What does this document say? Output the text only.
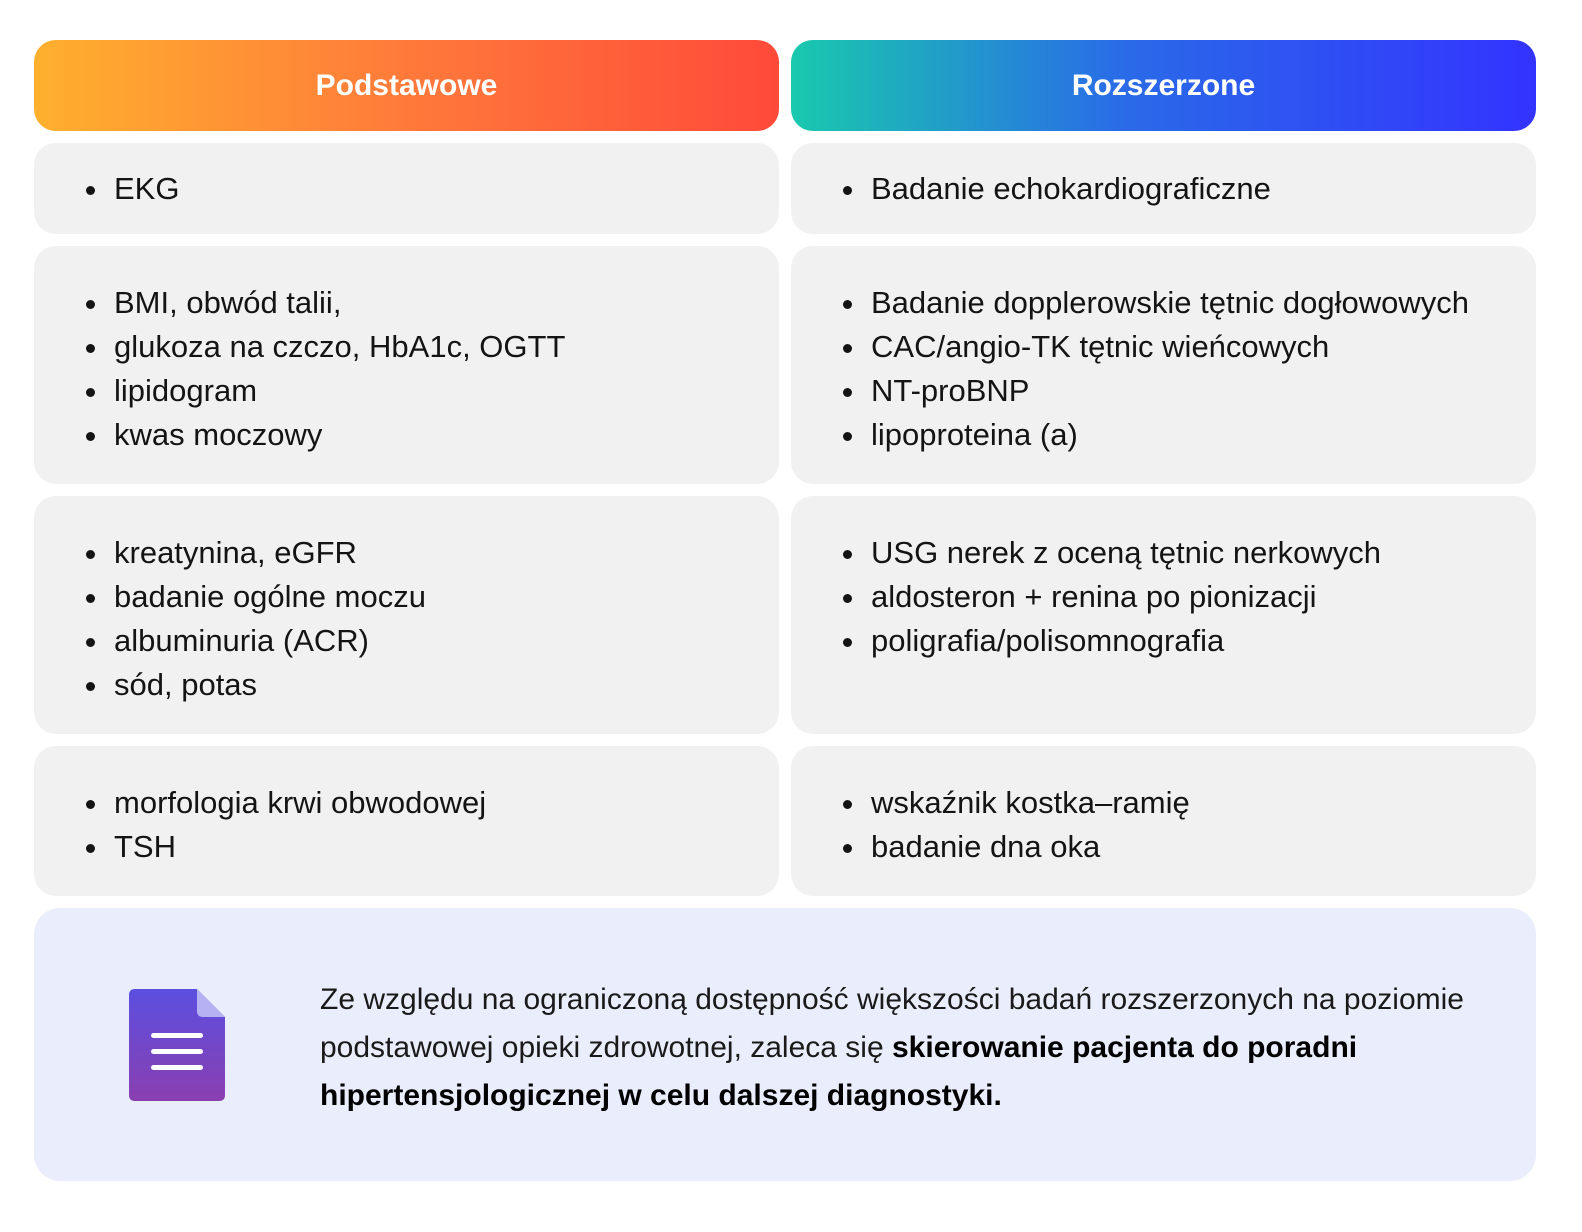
Podstawowe	Rozszerzone
EKG	Badanie echokardiograficzne
BMI, obwód talii,
glukoza na czczo, HbA1c, OGTT
lipidogram
kwas moczowy
Badanie dopplerowskie tętnic dogłowowych
CAC/angio-TK tętnic wieńcowych
NT-proBNP
lipoproteina (a)
kreatynina, eGFR
badanie ogólne moczu
albuminuria (ACR)
sód, potas
USG nerek z oceną tętnic nerkowych
aldosteron + renina po pionizacji
poligrafia/polisomnografia
morfologia krwi obwodowej
TSH
wskaźnik kostka–ramię
badanie dna oka

Ze względu na ograniczoną dostępność większości badań rozszerzonych na poziomie podstawowej opieki zdrowotnej, zaleca się skierowanie pacjenta do poradni hipertensjologicznej w celu dalszej diagnostyki.
